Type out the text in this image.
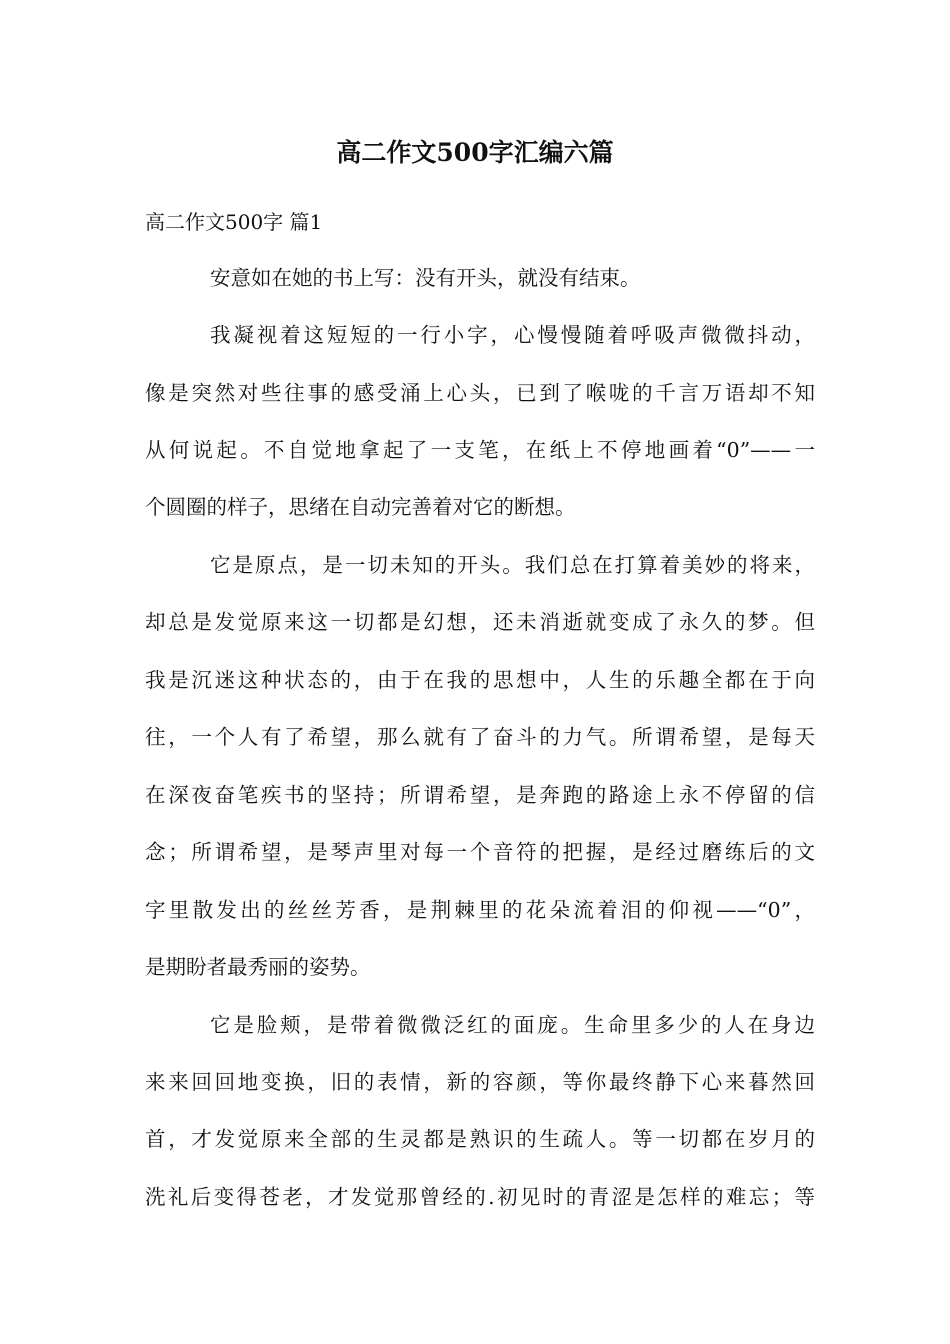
高二作文500字汇编六篇
高二作文500字 篇1
安意如在她的书上写：没有开头，就没有结束。
我凝视着这短短的一行小字，心慢慢随着呼吸声微微抖动，
像是突然对些往事的感受涌上心头，已到了喉咙的千言万语却不知
从何说起。不自觉地拿起了一支笔，在纸上不停地画着“0”——一
个圆圈的样子，思绪在自动完善着对它的断想。
它是原点，是一切未知的开头。我们总在打算着美妙的将来，
却总是发觉原来这一切都是幻想，还未消逝就变成了永久的梦。但
我是沉迷这种状态的，由于在我的思想中，人生的乐趣全都在于向
往，一个人有了希望，那么就有了奋斗的力气。所谓希望，是每天
在深夜奋笔疾书的坚持；所谓希望，是奔跑的路途上永不停留的信
念；所谓希望，是琴声里对每一个音符的把握，是经过磨练后的文
字里散发出的丝丝芳香，是荆棘里的花朵流着泪的仰视——“0”，
是期盼者最秀丽的姿势。
它是脸颊，是带着微微泛红的面庞。生命里多少的人在身边
来来回回地变换，旧的表情，新的容颜，等你最终静下心来暮然回
首，才发觉原来全部的生灵都是熟识的生疏人。等一切都在岁月的
洗礼后变得苍老，才发觉那曾经的.初见时的青涩是怎样的难忘；等
